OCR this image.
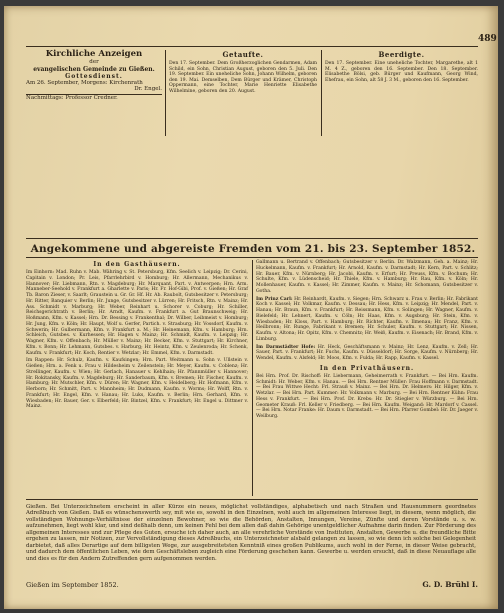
489

Kirchliche Anzeigen

der

evangelischen Gemeinde zu Gießen.

Gottesdienst.

Am 26. September, Morgens: Kirchenrath

Dr. Engel.

Nachmittags: Professor Credner.

Getaufte.

Den 17. September. Dem Großherzoglichen Gendarmen, Adam Schild, ein Sohn, Christian August, geboren den 5. Juli. Den 19. September. Ein uneheliche Sohn, Johann Wilhelm, geboren den 19. Mai. Demselben, Dem Bürger und Krämer, Christoph Oppermann, eine Tochter, Marie Henriette Elisabethe Wilhelmine, geboren den 20. August.

Beerdigte.

Den 17. September. Eine uneheliche Tochter, Margarethe, alt 1 M. 4 Z., geboren den 16. September. Den 18. September. Elisabethe Bölsi, geb. Bürger und Kaufmann, Georg Wind, Ehefrau, ein Sohn, alt 58 J. 3 M., geboren den 16. September.

Angekommene und abgereiste Fremden vom 21. bis 23. September 1852.

In den Gasthäusern.

Im Einhorn: Mad. Ruhn v. Mab. Währing v. St. Petersburg, Kfm. Seelich v. Leipzig; Dr. Cerini, Capitain v. London; Pr. Leis, Pfarrlehrbird v. Homburg; Hr. Allermann, Mechanikus v. Hannover; Hr. Liebmann, Rtn. v. Magdeburg; Hr. Marquant, Part. v. Antwerpen; Hrn. Arm. Manneber-Seehold v. Frankfurt a. Gharlette v. Paris; Hr. Fr. Hof-Gibi, Prof. v. Gießen; Hr. Graf Tb. Baron Zieser, v. Saarlt; Graustein u. Gr. Gr. Hf. Hr. Ab. Raubolt, Gutsbesitzer v. Petersburg; Hr. Ritter, Banquier v. Berlin; Hr. Junge, Gutsbesitzer v. Lürren; Hr. Fritsch, Rtn. v. Mainz; Hr. Ass. Schmidt v. Marburg; Hr. Weber, Reinhart u. Schorer v. Coburg; Hr. Schiller, Reichsgerichtrath v. Berlin; Hr. Arndt, Kaufm. v. Frankfurt a. Gut Braunschweig; Hr. Hoßmann, Kfm. v. Kassel; Hrn. Dr. Bessing v. Frankenthal; Dr. Wilber, Leibmeist v. Homburg; Hr. Jung, Kfm. v. Köln; Hr. Haupt, Wolf u. Gerfer, Partich. v. Strasburg; Hr. Vossdorf, Kaufm. v. Schwerin; Hr. Gulbermann, Kfm. v. Frankfurt a. M.; Hr. Heinemann, Kfm. v. Hamburg; Hrn. Schleich, Gutsbes. v. Kurhessen; Hr. Hagen v. Mainz; Hr. Schmidt, Kaufm. v. Leipzig; Hr. Wagner, Kfm. v. Offenbach; Hr. Müller v. Mainz; Hr. Becker, Kfm. v. Stuttgart; Hr. Kirchner, Kfm. v. Bonn; Hr. Lehmann, Gutsbes. v. Harburg; Hr. Heintz, Kfm. v. Zeulenroda; Hr. Schenk, Kaufm. v. Frankfurt; Hr. Koch, Rentier v. Wetzlar; Hr. Emmel, Kfm. v. Darmstadt.

Im Rappen: Hr. Schulz, Kaufm. v. Kaufsingen; Hrn. Part. Weitmann u. Sohn v. Ullstein v. Gießen; Hrn. a. Fenk u. Frau v. Hildesheim v. Zeilenstein; Hr. Meyer, Kaufm. v. Coblenz; Hr. Strellinger, Kaufm. v. Wien; Hr. Gerlach, Hanauer v. Kehlhain; Hr. Pfannmüller v. Hannover; Hr. Rokitansky, Kaufm. v. Magdeburg; Hr. Sanderbaum, Kfm. v. Bremen; Hr. Fischer, Kaufm. v. Hamburg; Hr. Mutschler, Kfm. v. Düren; Hr. Wagner, Kfm. v. Heidelberg; Hr. Hofmann, Kfm. v. Herborn; Hr. Schmitt, Part. v. Mannheim; Hr. Dudmann, Kaufm. v. Worms; Hr. Wolff, Rtn. v. Frankfurt; Hr. Engel, Kfm. v. Hanau; Hr. Luks, Kaufm. v. Berlin; Hrn. Gerhard, Kfm. v. Wiesbaden; Hr. Bauer, Ger. v. Elberfeld; Hr. Bintzel, Kfm. v. Frankfurt; Hr. Engel u. Dittmer v. Mainz.

Gallmann u. Bertrand v. Offenbach; Gutsbesitzer v. Berlin. Dr. Walzmann, Geh. a. Mainz; Hr. Huckelmann, Kaufm. v. Frankfurt; Hr. Arnold, Kaufm. v. Darmstadt; Hr. Kern, Part. v. Schlitz; Hr. Bauer, Kfm. v. Nürnberg; Hr. Jacobi, Kaufm. v. Erfurt; Hr. Preuss, Kfm. v. Bochum; Hr. Schulte, Kfm. v. Lüdenscheid; Hr. Thiele, Kfm. v. Hamburg; Hr. Rau, Kfm. v. Köln; Hr. Mollenhauer, Kaufm. v. Kassel; Hr. Zimmer, Kaufm. v. Mainz; Hr. Schomann, Gutsbesitzer v. Gotha.

Im Prinz Carl: Hr. Reinhardt, Kaufm. v. Siegen; Hrn. Schwarz u. Frau v. Berlin; Hr. Fabrikant Koch v. Kassel; Hr. Volkmar, Kaufm. v. Dessau; Hr. Hess, Kfm. v. Leipzig; Hr. Mendel, Part. v. Hanau; Hr. Braun, Kfm. v. Frankfurt; Hr. Reissmann, Kfm. v. Solingen; Hr. Wagner, Kaufm. v. Bielefeld; Hr. Lehnert, Kaufm. v. Cöln; Hr. Haas, Kfm. v. Augsburg; Hr. Stein, Kfm. v. Wiesbaden; Hr. Kloss, Part. v. Hamburg; Hr. Richter, Kaufm. v. Ilmenau; Hr. Franz, Kfm. v. Heilbronn; Hr. Runge, Fabrikant v. Bremen; Hr. Schuler, Kaufm. v. Stuttgart; Hr. Nissen, Kaufm. v. Altona; Hr. Opitz, Kfm. v. Chemnitz; Hr. Weiß, Kaufm. v. Eisenach; Hr. Brand, Kfm. v. Limburg.

Im Darmstädter Hofe: Hr. Heck, Geschäftsmann v. Mainz; Hr. Lenz, Kaufm. v. Zell; Hr. Sauer, Part. v. Frankfurt; Hr. Fuchs, Kaufm. v. Düsseldorf; Hr. Sorge, Kaufm. v. Nürnberg; Hr. Wendel, Kaufm. v. Alsfeld; Hr. Moos, Kfm. v. Fulda; Hr. Rapp, Kaufm. v. Kassel.

In den Privathäusern.

Bei Hrn. Prof. Dr. Rischoff: Hr. Liebermann, Geheimerrath v. Frankfurt. — Bei Hrn. Kaufm. Schmidt: Hr. Weber, Kfm. v. Hanau. — Bei Hrn. Rentner Müller: Frau Hoffmann v. Darmstadt. — Bei Frau Wittwe Hecht: Frl. Strauß v. Mainz. — Bei Hrn. Dr. Helmers: Hr. Hilger, Kfm. v. Wetzlar. — Bei Hrn. Part. Kummer: Hr. Volkmann v. Marburg. — Bei Hrn. Rentner Kühn: Frau Hess v. Frankfurt. — Bei Hrn. Prof. Dr. Krebs: Hr. Dr. Stiegler v. Würzburg. — Bei Hrn. Geometer Krauß: Frl. Keller v. Friedberg. — Bei Hrn. Kaufm. Weigand: Hr. Mardorf v. Cassel. — Bei Hrn. Notar Franke: Hr. Daum v. Darmstadt. — Bei Hrn. Pfarrer Gombel: Hr. Dr. Jaeger v. Weilburg.

Gießen. Bei Unterzeichnetem erscheint in aller Kürze ein neues, möglichst vollständiges, alphabetisch und nach Straßen und Hausnummern geordnetes Adreßbuch von Gießen. Daß es wünschenswerth sey, mit wie es, sowohl in den Einzelnen, wohl auch im allgemeinen Interesse liegt, in diesem, wenn möglich, die vollständigen Wohnungs-Verhältnisse der einzelnen Bewohner, so wie die Behörden, Anstalten, Innungen, Vereine, Zünfte und deren Vorstände u. s. w. aufzunehmen, liegt wohl klar, und sind deßhalb denn, um keinen Fehl bei dem allen daß dahin Gehörige unentgeldlicher Aufnahme darin finden. Zur Förderung des allgemeinen Interesses und zur Pflege des Guten, ersuche ich daher auch, an alle verehrliche Vorstände von Instituten, Anstalten, Gewerbe u. die freundliche Bitte ergehen zu lassen, mir Notizen, zur Vervollständigung dieses Adreßbuchs, ein Unterzeichneter alsbald gelangen zu lassen, so wie denn ich solche bei Gelegenheit darbietet, daß alles Derartige auf dem billigsten Wege, zur ausgebreitetsten Kenntniß eines großen Publikums, auch wohl in der Ferne, in dieser Weise gebracht, und dadurch dem öffentlichen Leben, wie dem Geschäftsleben zugleich eine Förderung geschehen kann. Gewerbe u. werden ersucht, daß in diese Neuauflage alle und dies es für den Andern Zutreffenden gern aufgenommen werden.

Gießen im September 1852.	G. D. Brühl I.
